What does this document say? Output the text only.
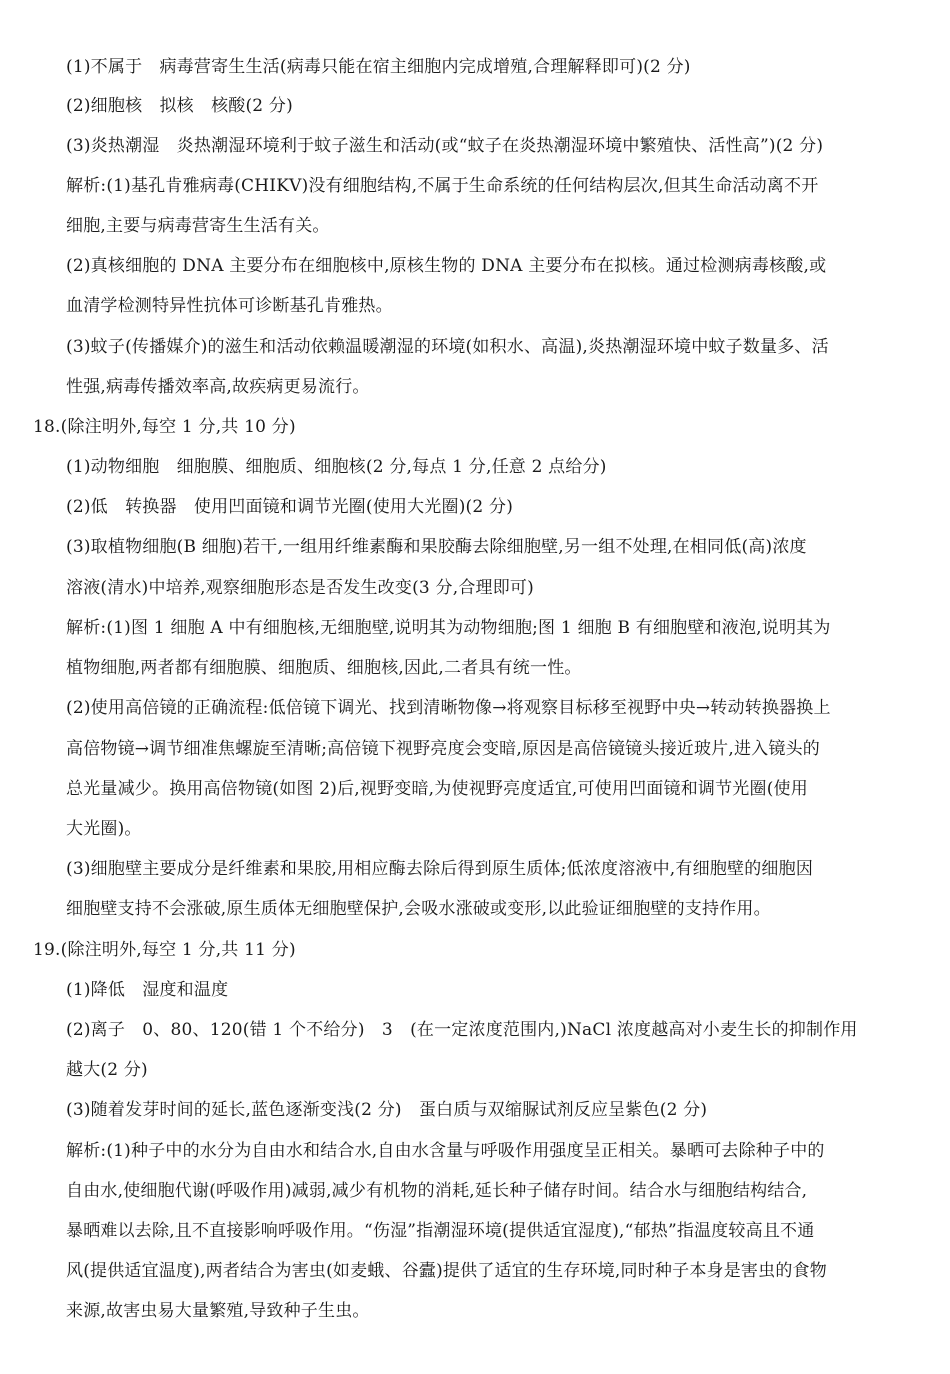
(1)不属于　病毒营寄生生活(病毒只能在宿主细胞内完成增殖,合理解释即可)(2 分)
(2)细胞核　拟核　核酸(2 分)
(3)炎热潮湿　炎热潮湿环境利于蚊子滋生和活动(或“蚊子在炎热潮湿环境中繁殖快、活性高”)(2 分)
解析:(1)基孔肯雅病毒(CHIKV)没有细胞结构,不属于生命系统的任何结构层次,但其生命活动离不开
细胞,主要与病毒营寄生生活有关。
(2)真核细胞的 DNA 主要分布在细胞核中,原核生物的 DNA 主要分布在拟核。通过检测病毒核酸,或
血清学检测特异性抗体可诊断基孔肯雅热。
(3)蚊子(传播媒介)的滋生和活动依赖温暖潮湿的环境(如积水、高温),炎热潮湿环境中蚊子数量多、活
性强,病毒传播效率高,故疾病更易流行。
18.(除注明外,每空 1 分,共 10 分)
(1)动物细胞　细胞膜、细胞质、细胞核(2 分,每点 1 分,任意 2 点给分)
(2)低　转换器　使用凹面镜和调节光圈(使用大光圈)(2 分)
(3)取植物细胞(B 细胞)若干,一组用纤维素酶和果胶酶去除细胞壁,另一组不处理,在相同低(高)浓度
溶液(清水)中培养,观察细胞形态是否发生改变(3 分,合理即可)
解析:(1)图 1 细胞 A 中有细胞核,无细胞壁,说明其为动物细胞;图 1 细胞 B 有细胞壁和液泡,说明其为
植物细胞,两者都有细胞膜、细胞质、细胞核,因此,二者具有统一性。
(2)使用高倍镜的正确流程:低倍镜下调光、找到清晰物像→将观察目标移至视野中央→转动转换器换上
高倍物镜→调节细准焦螺旋至清晰;高倍镜下视野亮度会变暗,原因是高倍镜镜头接近玻片,进入镜头的
总光量减少。换用高倍物镜(如图 2)后,视野变暗,为使视野亮度适宜,可使用凹面镜和调节光圈(使用
大光圈)。
(3)细胞壁主要成分是纤维素和果胶,用相应酶去除后得到原生质体;低浓度溶液中,有细胞壁的细胞因
细胞壁支持不会涨破,原生质体无细胞壁保护,会吸水涨破或变形,以此验证细胞壁的支持作用。
19.(除注明外,每空 1 分,共 11 分)
(1)降低　湿度和温度
(2)离子　0、80、120(错 1 个不给分)　3　(在一定浓度范围内,)NaCl 浓度越高对小麦生长的抑制作用
越大(2 分)
(3)随着发芽时间的延长,蓝色逐渐变浅(2 分)　蛋白质与双缩脲试剂反应呈紫色(2 分)
解析:(1)种子中的水分为自由水和结合水,自由水含量与呼吸作用强度呈正相关。暴晒可去除种子中的
自由水,使细胞代谢(呼吸作用)减弱,减少有机物的消耗,延长种子储存时间。结合水与细胞结构结合,
暴晒难以去除,且不直接影响呼吸作用。“伤湿”指潮湿环境(提供适宜湿度),“郁热”指温度较高且不通
风(提供适宜温度),两者结合为害虫(如麦蛾、谷蠹)提供了适宜的生存环境,同时种子本身是害虫的食物
来源,故害虫易大量繁殖,导致种子生虫。
